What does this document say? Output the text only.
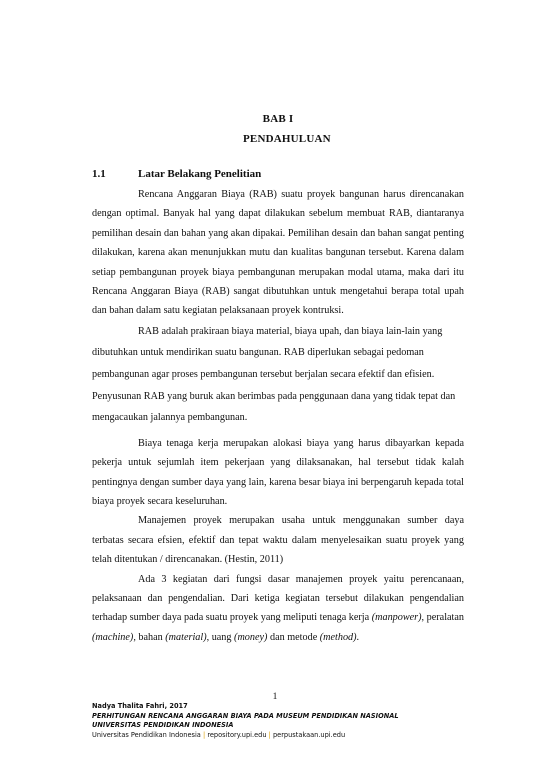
BAB I
PENDAHULUAN
1.1	Latar Belakang Penelitian

Rencana Anggaran Biaya (RAB) suatu proyek bangunan harus direncanakan dengan optimal. Banyak hal yang dapat dilakukan sebelum membuat RAB, diantaranya pemilihan desain dan bahan yang akan dipakai. Pemilihan desain dan bahan sangat penting dilakukan, karena akan menunjukkan mutu dan kualitas bangunan tersebut. Karena dalam setiap pembangunan proyek biaya pembangunan merupakan modal utama, maka dari itu Rencana Anggaran Biaya (RAB) sangat dibutuhkan untuk mengetahui berapa total upah dan bahan dalam satu kegiatan pelaksanaan proyek kontruksi.

RAB adalah prakiraan biaya material, biaya upah, dan biaya lain-lain yang dibutuhkan untuk mendirikan suatu bangunan. RAB diperlukan sebagai pedoman pembangunan agar proses pembangunan tersebut berjalan secara efektif dan efisien. Penyusunan RAB yang buruk akan berimbas pada penggunaan dana yang tidak tepat dan mengacaukan jalannya pembangunan.

Biaya tenaga kerja merupakan alokasi biaya yang harus dibayarkan kepada pekerja untuk sejumlah item pekerjaan yang dilaksanakan, hal tersebut tidak kalah pentingnya dengan sumber daya yang lain, karena besar biaya ini berpengaruh kepada total biaya proyek secara keseluruhan.

Manajemen proyek merupakan usaha untuk menggunakan sumber daya terbatas secara efsien, efektif dan tepat waktu dalam menyelesaikan suatu proyek yang telah ditentukan / direncanakan. (Hestin, 2011)

Ada 3 kegiatan dari fungsi dasar manajemen proyek yaitu perencanaan, pelaksanaan dan pengendalian. Dari ketiga kegiatan tersebut dilakukan pengendalian terhadap sumber daya pada suatu proyek yang meliputi tenaga kerja (manpower), peralatan (machine), bahan (material), uang (money) dan metode (method).

1
Nadya Thalita Fahri, 2017
PERHITUNGAN RENCANA ANGGARAN BIAYA PADA MUSEUM PENDIDIKAN NASIONAL
UNIVERSITAS PENDIDIKAN INDONESIA
Universitas Pendidikan Indonesia | repository.upi.edu | perpustakaan.upi.edu
